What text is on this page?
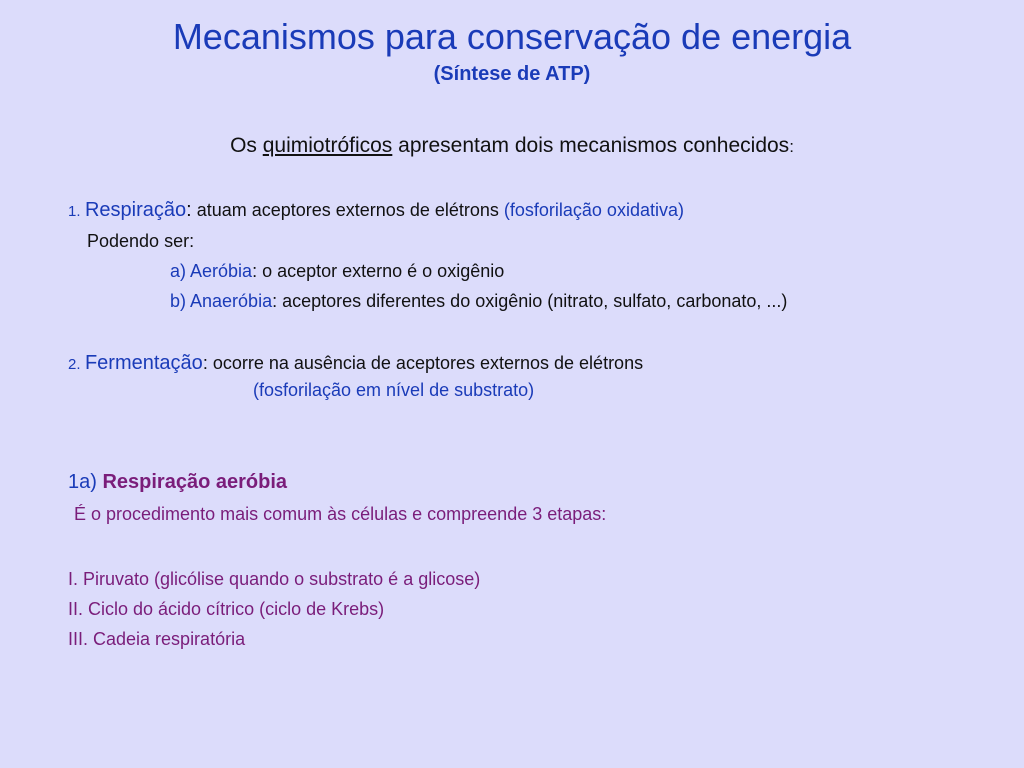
Mecanismos para conservação de energia
(Síntese de ATP)
Os quimiotróficos apresentam dois mecanismos conhecidos:
1. Respiração: atuam aceptores externos de elétrons (fosforilação oxidativa)
Podendo ser:
a) Aeróbia: o aceptor externo é o oxigênio
b) Anaeróbia: aceptores diferentes do oxigênio (nitrato, sulfato, carbonato, ...)
2. Fermentação: ocorre na ausência de aceptores externos de elétrons
(fosforilação em nível de substrato)
1a) Respiração aeróbia
É o procedimento mais comum às células e compreende 3 etapas:
I. Piruvato (glicólise quando o substrato é a glicose)
II. Ciclo do ácido cítrico (ciclo de Krebs)
III. Cadeia respiratória
